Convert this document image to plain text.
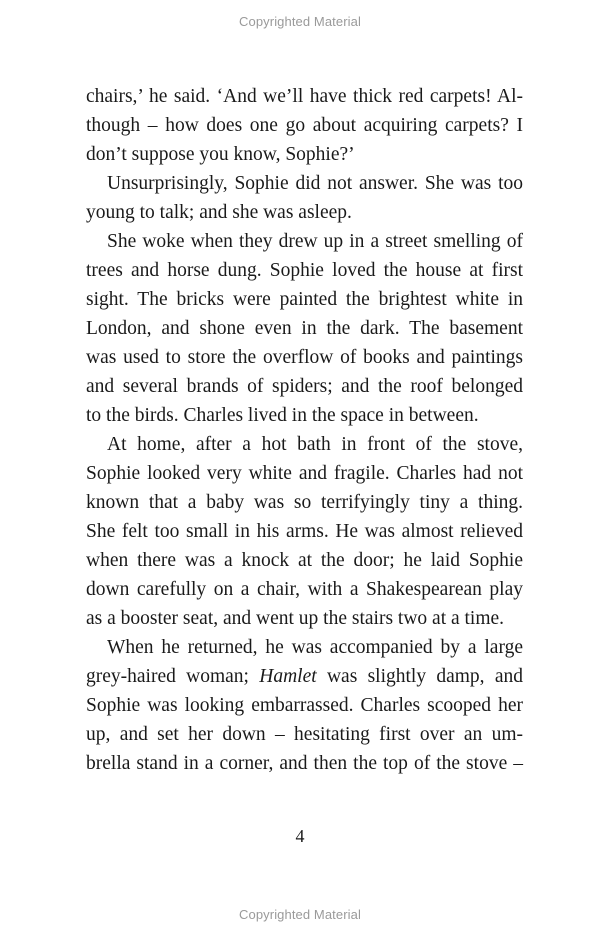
Copyrighted Material
chairs,’ he said. ‘And we’ll have thick red carpets! Al-
though – how does one go about acquiring carpets? I
don’t suppose you know, Sophie?’
Unsurprisingly, Sophie did not answer. She was too
young to talk; and she was asleep.
She woke when they drew up in a street smelling of
trees and horse dung. Sophie loved the house at first
sight. The bricks were painted the brightest white in
London, and shone even in the dark. The basement
was used to store the overflow of books and paintings
and several brands of spiders; and the roof belonged
to the birds. Charles lived in the space in between.
At home, after a hot bath in front of the stove,
Sophie looked very white and fragile. Charles had not
known that a baby was so terrifyingly tiny a thing.
She felt too small in his arms. He was almost relieved
when there was a knock at the door; he laid Sophie
down carefully on a chair, with a Shakespearean play
as a booster seat, and went up the stairs two at a time.
When he returned, he was accompanied by a large
grey-haired woman; Hamlet was slightly damp, and
Sophie was looking embarrassed. Charles scooped her
up, and set her down – hesitating first over an um-
brella stand in a corner, and then the top of the stove –
4
Copyrighted Material
